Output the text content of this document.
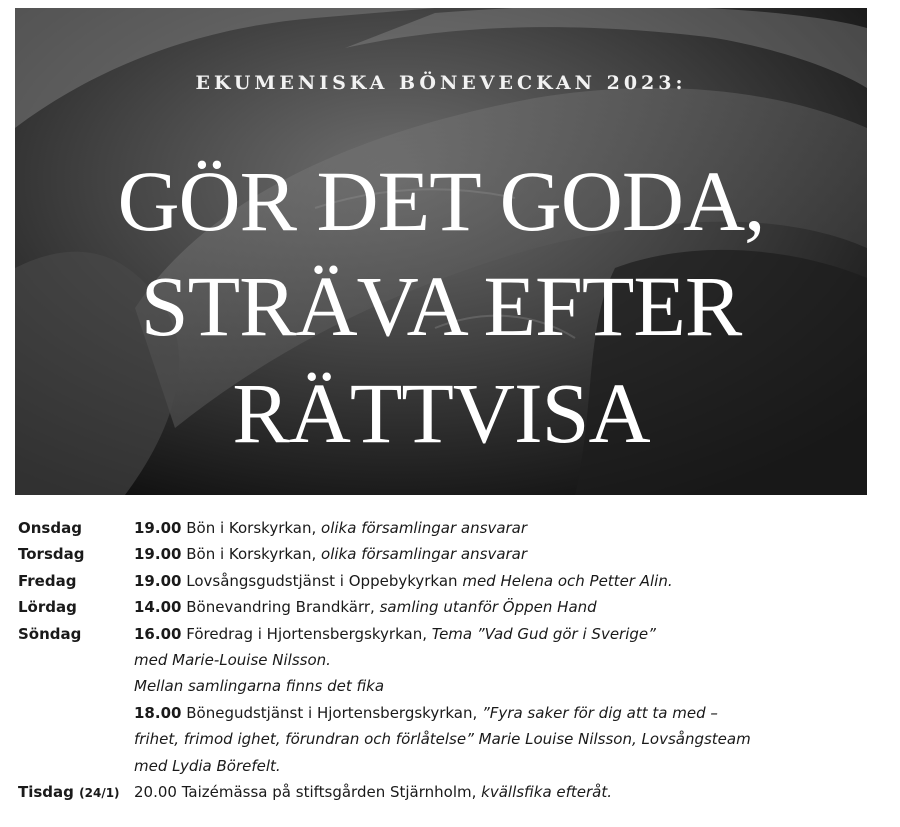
EKUMENISKA BÖNEVECKAN 2023:
GÖR DET GODA,
STRÄVA EFTER
RÄTTVISA
Onsdag	19.00 Bön i Korskyrkan, olika församlingar ansvarar
Torsdag	19.00 Bön i Korskyrkan, olika församlingar ansvarar
Fredag	19.00 Lovsångsgudstjänst i Oppebykyrkan med Helena och Petter Alin.
Lördag	14.00 Bönevandring Brandkärr, samling utanför Öppen Hand
Söndag	16.00 Föredrag i Hjortensbergskyrkan, Tema ”Vad Gud gör i Sverige”
med Marie-Louise Nilsson.
Mellan samlingarna finns det fika
18.00 Bönegudstjänst i Hjortensbergskyrkan, ”Fyra saker för dig att ta med –
frihet, frimod ighet, förundran och förlåtelse” Marie Louise Nilsson, Lovsångsteam
med Lydia Börefelt.
Tisdag (24/1) 20.00 Taizémässa på stiftsgården Stjärnholm, kvällsfika efteråt.
